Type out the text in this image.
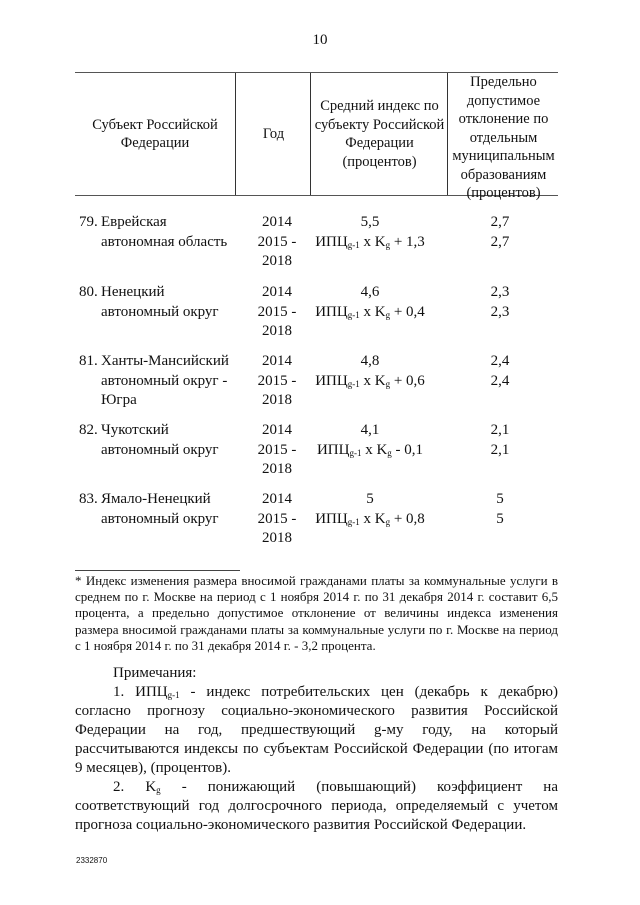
10
Субъект Российской Федерации
Год
Средний индекс по субъекту Российской Федерации (процентов)
Предельно допустимое отклонение по отдельным муниципальным образованиям (процентов)
79. Еврейская автономная область
2014
2015 -
2018
5,5
$ИПЦ_{g-1}$ x $K_g + 1,3$
2,7
2,7
80. Ненецкий автономный округ
2014
2015 -
2018
4,6
$ИПЦ_{g-1}$ x $K_g + 0,4$
2,3
2,3
81. Ханты-Мансийский автономный округ - Югра
2014
2015 -
2018
4,8
$ИПЦ_{g-1}$ x $K_g + 0,6$
2,4
2,4
82. Чукотский автономный округ
2014
2015 -
2018
4,1
$ИПЦ_{g-1}$ x $K_g - 0,1$
2,1
2,1
83. Ямало-Ненецкий автономный округ
2014
2015 -
2018
5
$ИПЦ_{g-1}$ x $K_g + 0,8$
5
5
* Индекс изменения размера вносимой гражданами платы за коммунальные услуги в среднем по г. Москве на период с 1 ноября 2014 г. по 31 декабря 2014 г. составит 6,5 процента, а предельно допустимое отклонение от величины индекса изменения размера вносимой гражданами платы за коммунальные услуги по г. Москве на период с 1 ноября 2014 г. по 31 декабря 2014 г. - 3,2 процента.

Примечания:

1. $ИПЦ_{g-1}$ - индекс потребительских цен (декабрь к декабрю) согласно прогнозу социально-экономического развития Российской Федерации на год, предшествующий g-му году, на который рассчитываются индексы по субъектам Российской Федерации (по итогам 9 месяцев), (процентов).

2. $K_g$ - понижающий (повышающий) коэффициент на соответствующий год долгосрочного периода, определяемый с учетом прогноза социально-экономического развития Российской Федерации.

2332870
